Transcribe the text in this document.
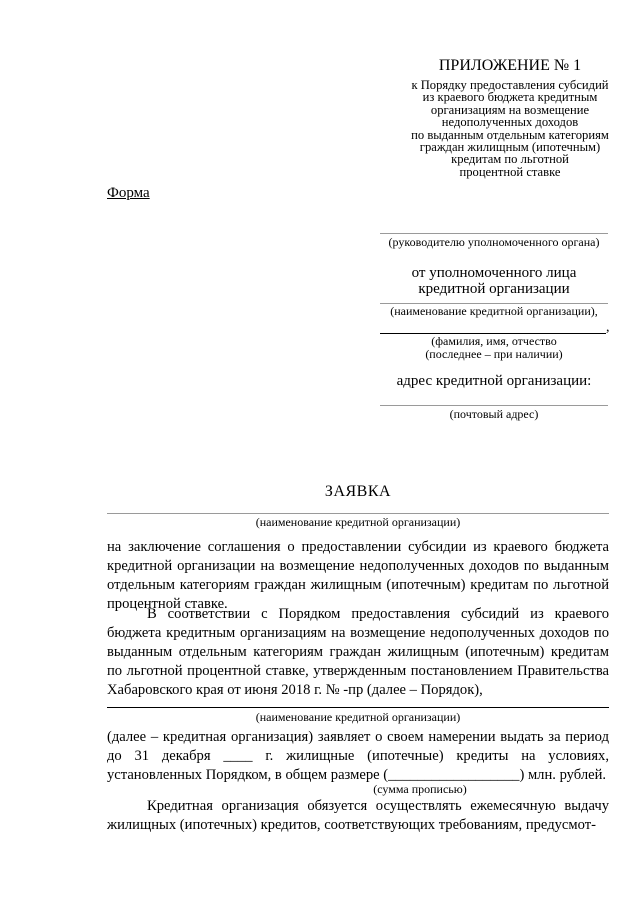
ПРИЛОЖЕНИЕ № 1
к Порядку предоставления субсидий
из краевого бюджета кредитным
организациям на возмещение
недополученных доходов
по выданным отдельным категориям
граждан жилищным (ипотечным)
кредитам по льготной
процентной ставке
Форма
(руководителю уполномоченного органа)
от уполномоченного лица
кредитной организации
(наименование кредитной организации),
,
(фамилия, имя, отчество
(последнее – при наличии)
адрес кредитной организации:
(почтовый адрес)
ЗАЯВКА
(наименование кредитной организации)

на заключение соглашения о предоставлении субсидии из краевого бюджета кредитной организации на возмещение недополученных доходов по выданным отдельным категориям граждан жилищным (ипотечным) кредитам по льготной процентной ставке.

В соответствии с Порядком предоставления субсидий из краевого бюджета кредитным организациям на возмещение недополученных доходов по выданным отдельным категориям граждан жилищным (ипотечным) кредитам по льготной процентной ставке, утвержденным постановлением Правительства Хабаровского края от июня 2018 г. № -пр (далее – Порядок),

(наименование кредитной организации)

(далее – кредитная организация) заявляет о своем намерении выдать за период до 31 декабря ____ г. жилищные (ипотечные) кредиты на условиях, установленных Порядком, в общем размере (__________________) млн. рублей.

(сумма прописью)

Кредитная организация обязуется осуществлять ежемесячную выдачу жилищных (ипотечных) кредитов, соответствующих требованиям, предусмот-
